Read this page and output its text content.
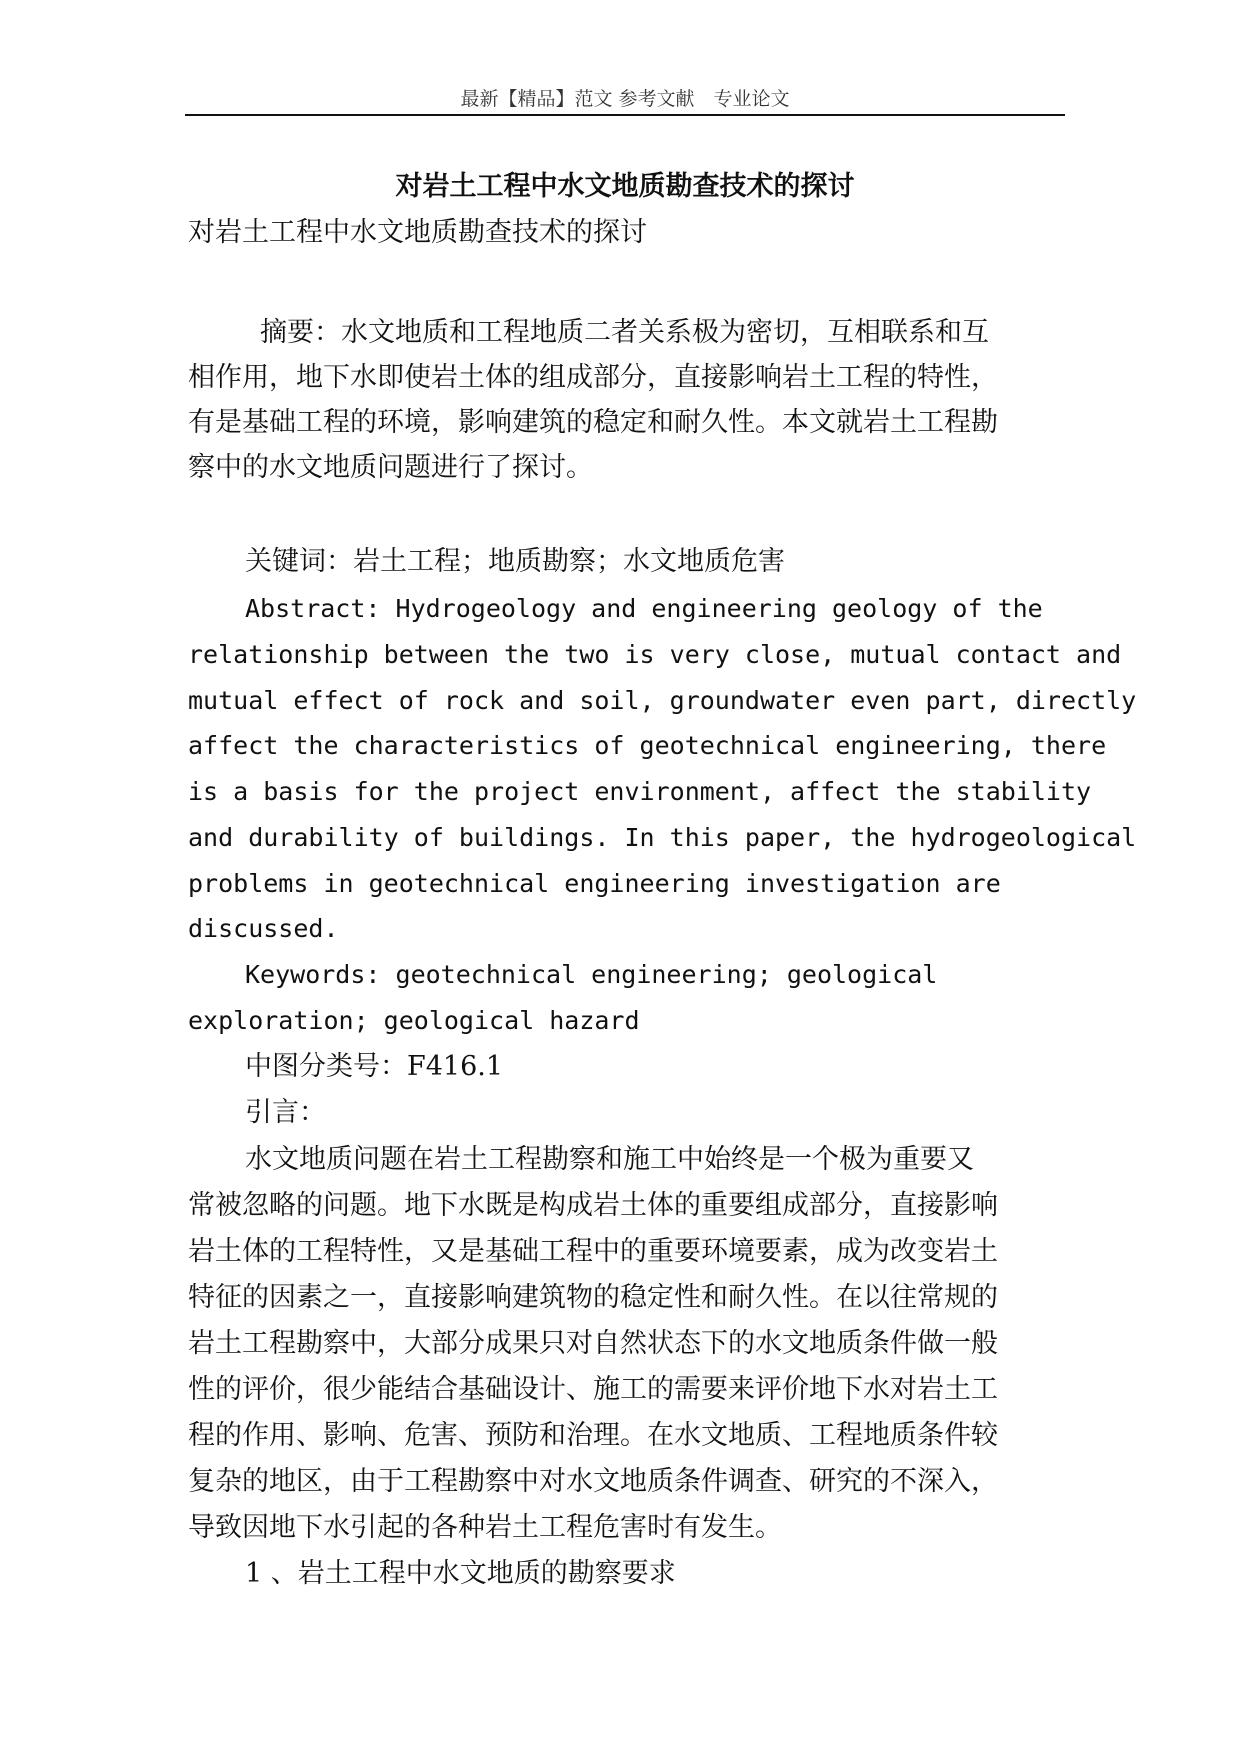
最新【精品】范文 参考文献　专业论文
对岩土工程中水文地质勘查技术的探讨
对岩土工程中水文地质勘查技术的探讨
摘要：水文地质和工程地质二者关系极为密切，互相联系和互
相作用，地下水即使岩土体的组成部分，直接影响岩土工程的特性，
有是基础工程的环境，影响建筑的稳定和耐久性。本文就岩土工程勘
察中的水文地质问题进行了探讨。
关键词：岩土工程；地质勘察；水文地质危害
Abstract: Hydrogeology and engineering geology of the
relationship between the two is very close, mutual contact and
mutual effect of rock and soil, groundwater even part, directly
affect the characteristics of geotechnical engineering, there
is a basis for the project environment, affect the stability
and durability of buildings. In this paper, the hydrogeological
problems in geotechnical engineering investigation are
discussed.
Keywords: geotechnical engineering; geological
exploration; geological hazard
中图分类号：F416.1
引言：
水文地质问题在岩土工程勘察和施工中始终是一个极为重要又
常被忽略的问题。地下水既是构成岩土体的重要组成部分，直接影响
岩土体的工程特性，又是基础工程中的重要环境要素，成为改变岩土
特征的因素之一，直接影响建筑物的稳定性和耐久性。在以往常规的
岩土工程勘察中，大部分成果只对自然状态下的水文地质条件做一般
性的评价，很少能结合基础设计、施工的需要来评价地下水对岩土工
程的作用、影响、危害、预防和治理。在水文地质、工程地质条件较
复杂的地区，由于工程勘察中对水文地质条件调查、研究的不深入，
导致因地下水引起的各种岩土工程危害时有发生。
1 、岩土工程中水文地质的勘察要求
